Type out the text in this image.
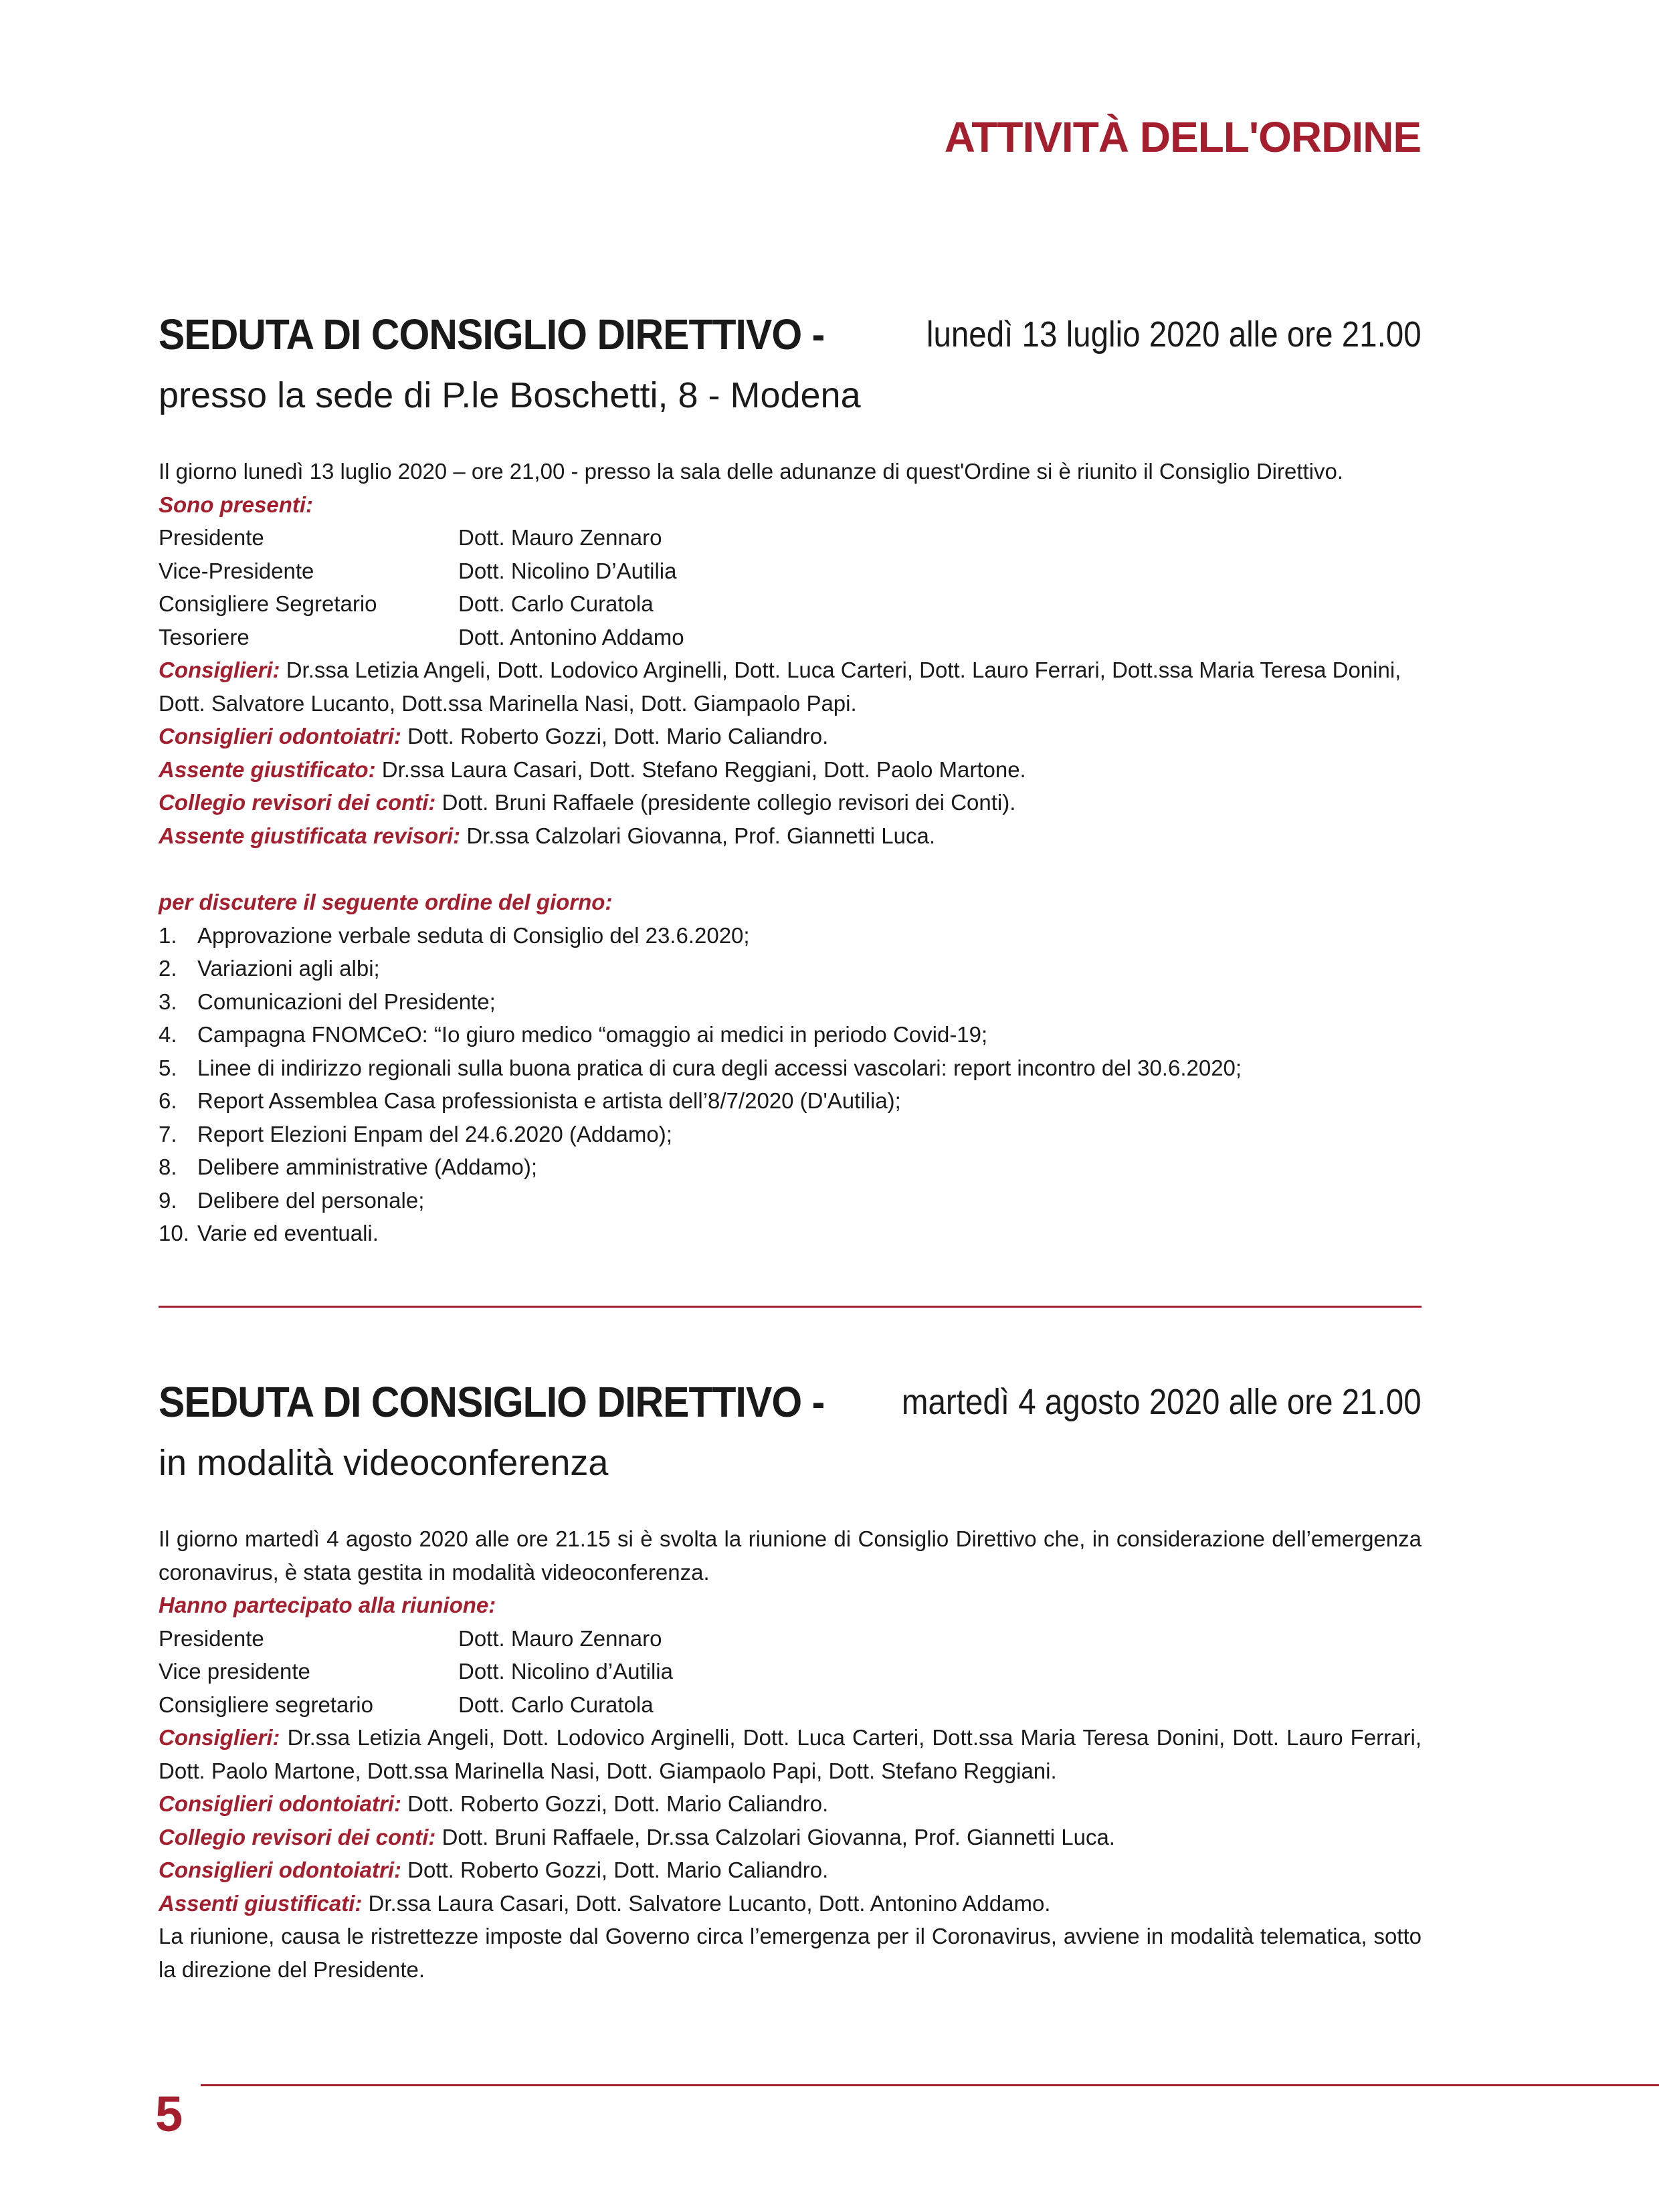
ATTIVITÀ DELL'ORDINE
SEDUTA DI CONSIGLIO DIRETTIVO -	lunedì 13 luglio 2020 alle ore 21.00
presso la sede di P.le Boschetti, 8 - Modena
Il giorno lunedì 13 luglio 2020 – ore 21,00 - presso la sala delle adunanze di quest'Ordine si è riunito il Consiglio Direttivo.
Sono presenti:
Presidente	Dott. Mauro Zennaro
Vice-Presidente	Dott. Nicolino D’Autilia
Consigliere Segretario	Dott. Carlo Curatola
Tesoriere	Dott. Antonino Addamo
Consiglieri: Dr.ssa Letizia Angeli, Dott. Lodovico Arginelli, Dott. Luca Carteri, Dott. Lauro Ferrari, Dott.ssa Maria Teresa Donini, Dott. Salvatore Lucanto, Dott.ssa Marinella Nasi, Dott. Giampaolo Papi.
Consiglieri odontoiatri: Dott. Roberto Gozzi, Dott. Mario Caliandro.
Assente giustificato: Dr.ssa Laura Casari, Dott. Stefano Reggiani, Dott. Paolo Martone.
Collegio revisori dei conti: Dott. Bruni Raffaele (presidente collegio revisori dei Conti).
Assente giustificata revisori: Dr.ssa Calzolari Giovanna, Prof. Giannetti Luca.
per discutere il seguente ordine del giorno:
1. Approvazione verbale seduta di Consiglio del 23.6.2020;
2. Variazioni agli albi;
3. Comunicazioni del Presidente;
4. Campagna FNOMCeO: “Io giuro medico “omaggio ai medici in periodo Covid-19;
5. Linee di indirizzo regionali sulla buona pratica di cura degli accessi vascolari: report incontro del 30.6.2020;
6. Report Assemblea Casa professionista e artista dell’8/7/2020 (D'Autilia);
7. Report Elezioni Enpam del 24.6.2020 (Addamo);
8. Delibere amministrative (Addamo);
9. Delibere del personale;
10. Varie ed eventuali.
SEDUTA DI CONSIGLIO DIRETTIVO - martedì 4 agosto 2020 alle ore 21.00
in modalità videoconferenza
Il giorno martedì 4 agosto 2020 alle ore 21.15 si è svolta la riunione di Consiglio Direttivo che, in considerazione dell’emergenza coronavirus, è stata gestita in modalità videoconferenza.
Hanno partecipato alla riunione:
Presidente	Dott. Mauro Zennaro
Vice presidente	Dott. Nicolino d’Autilia
Consigliere segretario	Dott. Carlo Curatola
Consiglieri: Dr.ssa Letizia Angeli, Dott. Lodovico Arginelli, Dott. Luca Carteri, Dott.ssa Maria Teresa Donini, Dott. Lauro Ferrari, Dott. Paolo Martone, Dott.ssa Marinella Nasi, Dott. Giampaolo Papi, Dott. Stefano Reggiani.
Consiglieri odontoiatri: Dott. Roberto Gozzi, Dott. Mario Caliandro.
Collegio revisori dei conti: Dott. Bruni Raffaele, Dr.ssa Calzolari Giovanna, Prof. Giannetti Luca.
Consiglieri odontoiatri: Dott. Roberto Gozzi, Dott. Mario Caliandro.
Assenti giustificati: Dr.ssa Laura Casari, Dott. Salvatore Lucanto, Dott. Antonino Addamo.
La riunione, causa le ristrettezze imposte dal Governo circa l’emergenza per il Coronavirus, avviene in modalità telematica, sotto la direzione del Presidente.
5
